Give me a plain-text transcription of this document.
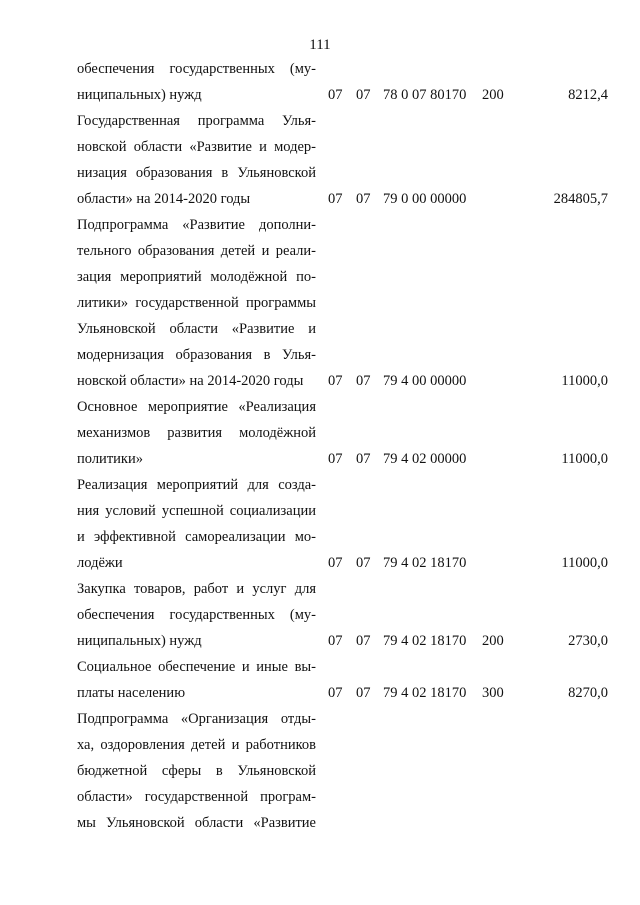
111
обеспечения государственных (му-
ниципальных) нужд	07 07 78 0 07 80170 200	8212,4
Государственная программа Улья-
новской области «Развитие и модер-
низация образования в Ульяновской
области» на 2014-2020 годы	07 07 79 0 00 00000	284805,7
Подпрограмма «Развитие дополни-
тельного образования детей и реали-
зация мероприятий молодёжной по-
литики» государственной программы
Ульяновской области «Развитие и
модернизация образования в Улья-
новской области» на 2014-2020 годы	07 07 79 4 00 00000	11000,0
Основное мероприятие «Реализация
механизмов развития молодёжной
политики»	07 07 79 4 02 00000	11000,0
Реализация мероприятий для созда-
ния условий успешной социализации
и эффективной самореализации мо-
лодёжи	07 07 79 4 02 18170	11000,0
Закупка товаров, работ и услуг для
обеспечения государственных (му-
ниципальных) нужд	07 07 79 4 02 18170 200	2730,0
Социальное обеспечение и иные вы-
платы населению	07 07 79 4 02 18170 300	8270,0
Подпрограмма «Организация отды-
ха, оздоровления детей и работников
бюджетной сферы в Ульяновской
области» государственной програм-
мы Ульяновской области «Развитие
